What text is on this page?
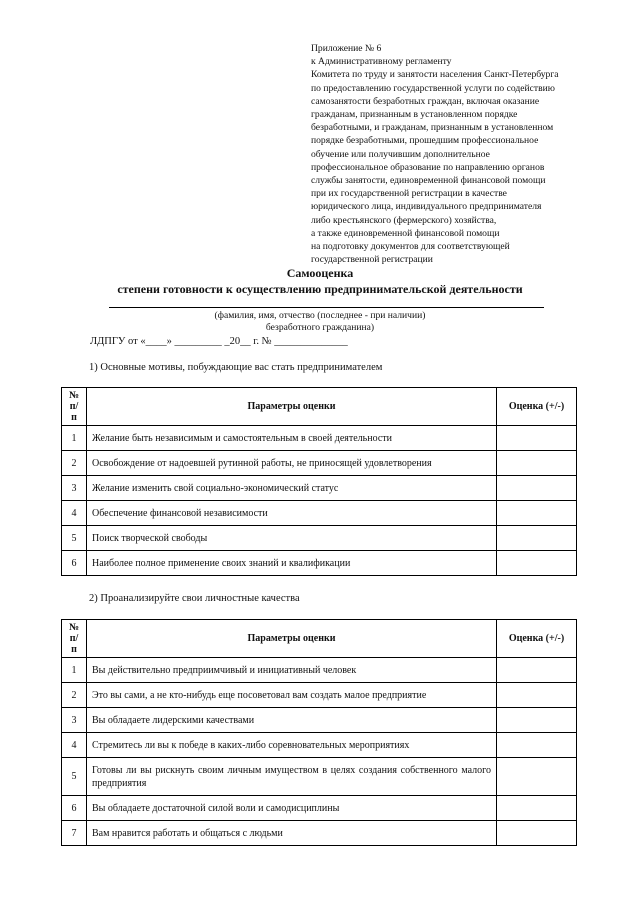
Приложение № 6
к Административному регламенту
Комитета по труду и занятости населения Санкт-Петербурга
по предоставлению государственной услуги по содействию
самозанятости безработных граждан, включая оказание
гражданам, признанным в установленном порядке
безработными, и гражданам, признанным в установленном
порядке безработными, прошедшим профессиональное
обучение или получившим дополнительное
профессиональное образование по направлению органов
службы занятости, единовременной финансовой помощи
при их государственной регистрации в качестве
юридического лица, индивидуального предпринимателя
либо крестьянского (фермерского) хозяйства,
а также единовременной финансовой помощи
на подготовку документов для соответствующей
государственной регистрации
Самооценка
степени готовности к осуществлению предпринимательской деятельности
(фамилия, имя, отчество (последнее - при наличии)
безработного гражданина)
ЛДПГУ от «____» _________ _20__ г. № ______________
1) Основные мотивы, побуждающие вас стать предпринимателем
№
п/п	Параметры оценки	Оценка (+/-)
1	Желание быть независимым и самостоятельным в своей деятельности	
2	Освобождение от надоевшей рутинной работы, не приносящей удовлетворения	
3	Желание изменить свой социально-экономический статус	
4	Обеспечение финансовой независимости	
5	Поиск творческой свободы	
6	Наиболее полное применение своих знаний и квалификации	
2) Проанализируйте свои личностные качества
№
п/п	Параметры оценки	Оценка (+/-)
1	Вы действительно предприимчивый и инициативный человек	
2	Это вы сами, а не кто-нибудь еще посоветовал вам создать малое предприятие	
3	Вы обладаете лидерскими качествами	
4	Стремитесь ли вы к победе в каких-либо соревновательных мероприятиях	
5	Готовы ли вы рискнуть своим личным имуществом в целях создания собственного малого предприятия	
6	Вы обладаете достаточной силой воли и самодисциплины	
7	Вам нравится работать и общаться с людьми	
